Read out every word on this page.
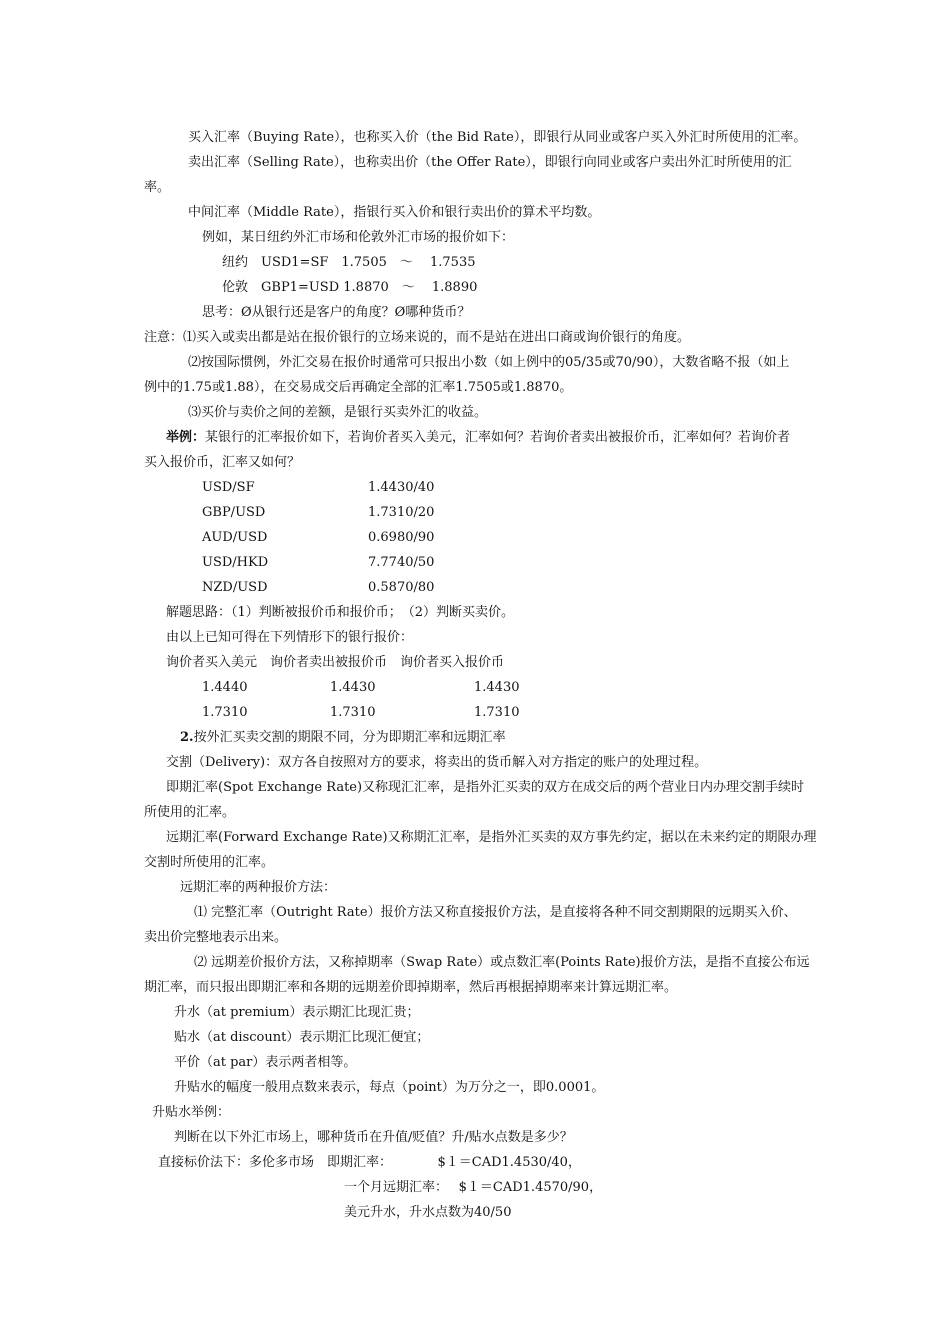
买入汇率（Buying Rate），也称买入价（the Bid Rate），即银行从同业或客户买入外汇时所使用的汇率。
卖出汇率（Selling Rate），也称卖出价（the Offer Rate），即银行向同业或客户卖出外汇时所使用的汇
率。
中间汇率（Middle Rate），指银行买入价和银行卖出价的算术平均数。
例如，某日纽约外汇市场和伦敦外汇市场的报价如下：
纽约　USD1=SF　1.7505　～　 1.7535
伦敦　GBP1=USD 1.8870　～　 1.8890
思考：Ø从银行还是客户的角度？Ø哪种货币？
注意：⑴买入或卖出都是站在报价银行的立场来说的，而不是站在进出口商或询价银行的角度。
⑵按国际惯例，外汇交易在报价时通常可只报出小数（如上例中的05/35或70/90），大数省略不报（如上
例中的1.75或1.88），在交易成交后再确定全部的汇率1.7505或1.8870。
⑶买价与卖价之间的差额，是银行买卖外汇的收益。
举例：某银行的汇率报价如下，若询价者买入美元，汇率如何？若询价者卖出被报价币，汇率如何？若询价者
买入报价币，汇率又如何？
USD/SF	1.4430/40
GBP/USD	1.7310/20
AUD/USD	0.6980/90
USD/HKD	7.7740/50
NZD/USD	0.5870/80
解题思路：（1）判断被报价币和报价币；　（2）判断买卖价。
由以上已知可得在下列情形下的银行报价：
询价者买入美元　询价者卖出被报价币　询价者买入报价币
1.4440	1.4430	1.4430
1.7310	1.7310	1.7310
2.按外汇买卖交割的期限不同，分为即期汇率和远期汇率
交割（Delivery)：双方各自按照对方的要求，将卖出的货币解入对方指定的账户的处理过程。
即期汇率(Spot Exchange Rate)又称现汇汇率，是指外汇买卖的双方在成交后的两个营业日内办理交割手续时
所使用的汇率。
远期汇率(Forward Exchange Rate)又称期汇汇率，是指外汇买卖的双方事先约定，据以在未来约定的期限办理
交割时所使用的汇率。
远期汇率的两种报价方法：
⑴ 完整汇率（Outright Rate）报价方法又称直接报价方法，是直接将各种不同交割期限的远期买入价、
卖出价完整地表示出来。
⑵ 远期差价报价方法，又称掉期率（Swap Rate）或点数汇率(Points Rate)报价方法，是指不直接公布远
期汇率，而只报出即期汇率和各期的远期差价即掉期率，然后再根据掉期率来计算远期汇率。
升水（at premium）表示期汇比现汇贵；
贴水（at discount）表示期汇比现汇便宜；
平价（at par）表示两者相等。
升贴水的幅度一般用点数来表示，每点（point）为万分之一，即0.0001。
升贴水举例：
判断在以下外汇市场上，哪种货币在升值/贬值？升/贴水点数是多少？
直接标价法下：多伦多市场　即期汇率：　　　　$１＝CAD1.4530/40，
一个月远期汇率：　 $１＝CAD1.4570/90，
美元升水，升水点数为40/50
